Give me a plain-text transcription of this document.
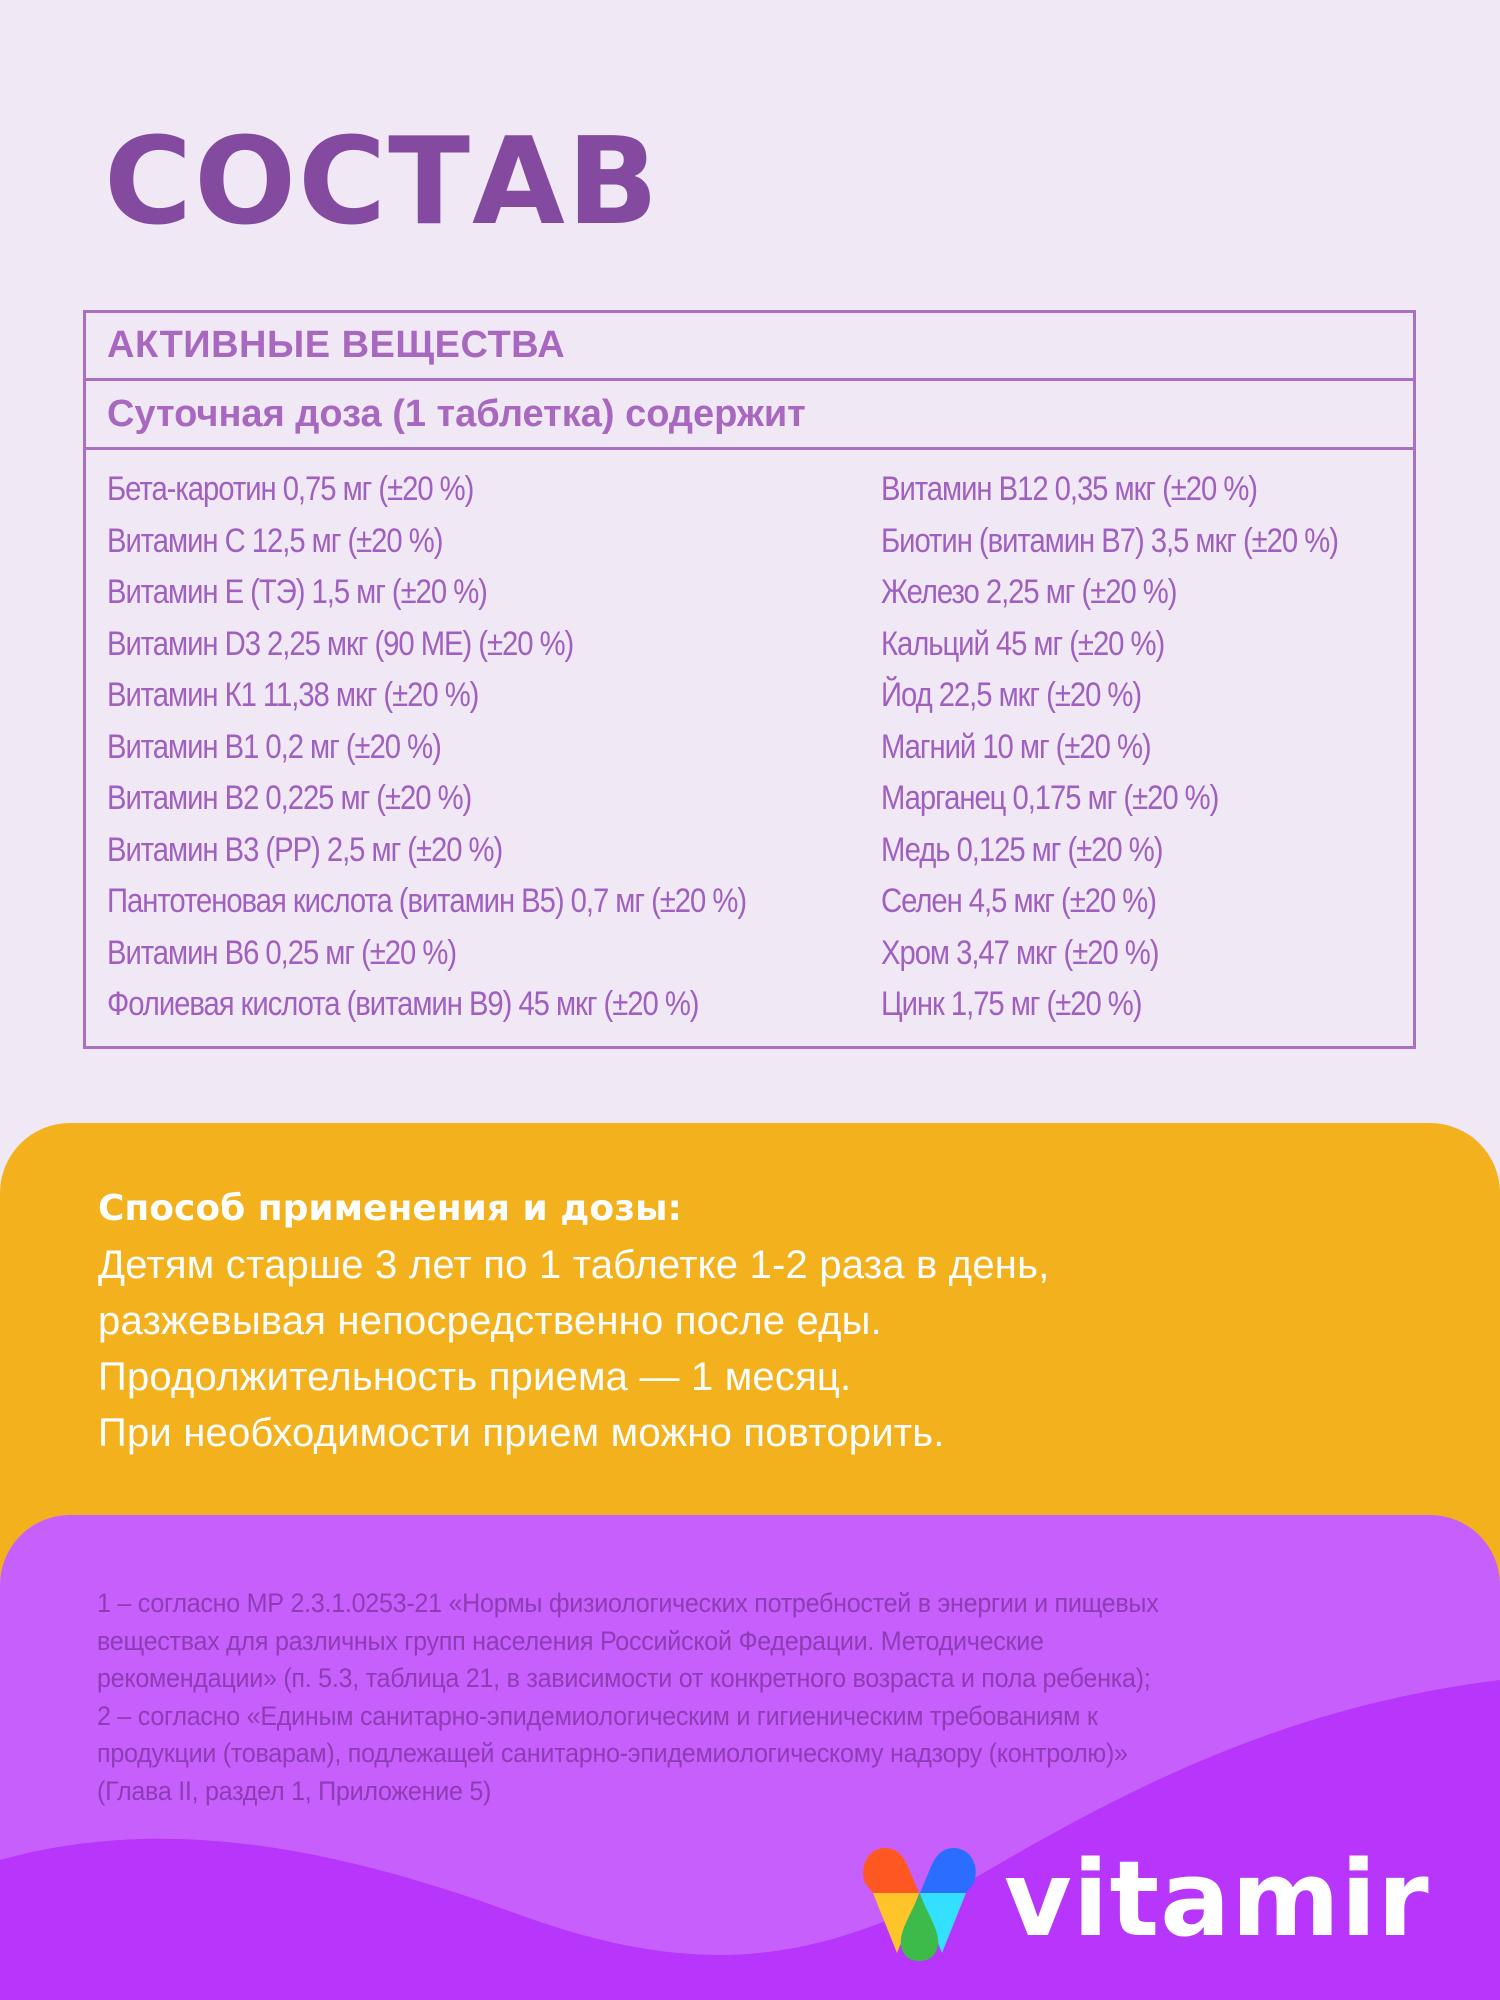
СОСТАВ
АКТИВНЫЕ ВЕЩЕСТВА
Суточная доза (1 таблетка) содержит
Бета-каротин 0,75 мг (±20 %)
Витамин С 12,5 мг (±20 %)
Витамин Е (ТЭ) 1,5 мг (±20 %)
Витамин D3 2,25 мкг (90 МЕ) (±20 %)
Витамин К1 11,38 мкг (±20 %)
Витамин В1 0,2 мг (±20 %)
Витамин В2 0,225 мг (±20 %)
Витамин В3 (РР) 2,5 мг (±20 %)
Пантотеновая кислота (витамин В5) 0,7 мг (±20 %)
Витамин В6 0,25 мг (±20 %)
Фолиевая кислота (витамин В9) 45 мкг (±20 %)
Витамин В12 0,35 мкг (±20 %)
Биотин (витамин В7) 3,5 мкг (±20 %)
Железо 2,25 мг (±20 %)
Кальций 45 мг (±20 %)
Йод 22,5 мкг (±20 %)
Магний 10 мг (±20 %)
Марганец 0,175 мг (±20 %)
Медь 0,125 мг (±20 %)
Селен 4,5 мкг (±20 %)
Хром 3,47 мкг (±20 %)
Цинк 1,75 мг (±20 %)
Способ применения и дозы:
Детям старше 3 лет по 1 таблетке 1-2 раза в день,
разжевывая непосредственно после еды.
Продолжительность приема — 1 месяц.
При необходимости прием можно повторить.
1 – согласно МР 2.3.1.0253-21 «Нормы физиологических потребностей в энергии и пищевых
веществах для различных групп населения Российской Федерации. Методические
рекомендации» (п. 5.3, таблица 21, в зависимости от конкретного возраста и пола ребенка);
2 – согласно «Единым санитарно-эпидемиологическим и гигиеническим требованиям к
продукции (товарам), подлежащей санитарно-эпидемиологическому надзору (контролю)»
(Глава II, раздел 1, Приложение 5)
vitamir
